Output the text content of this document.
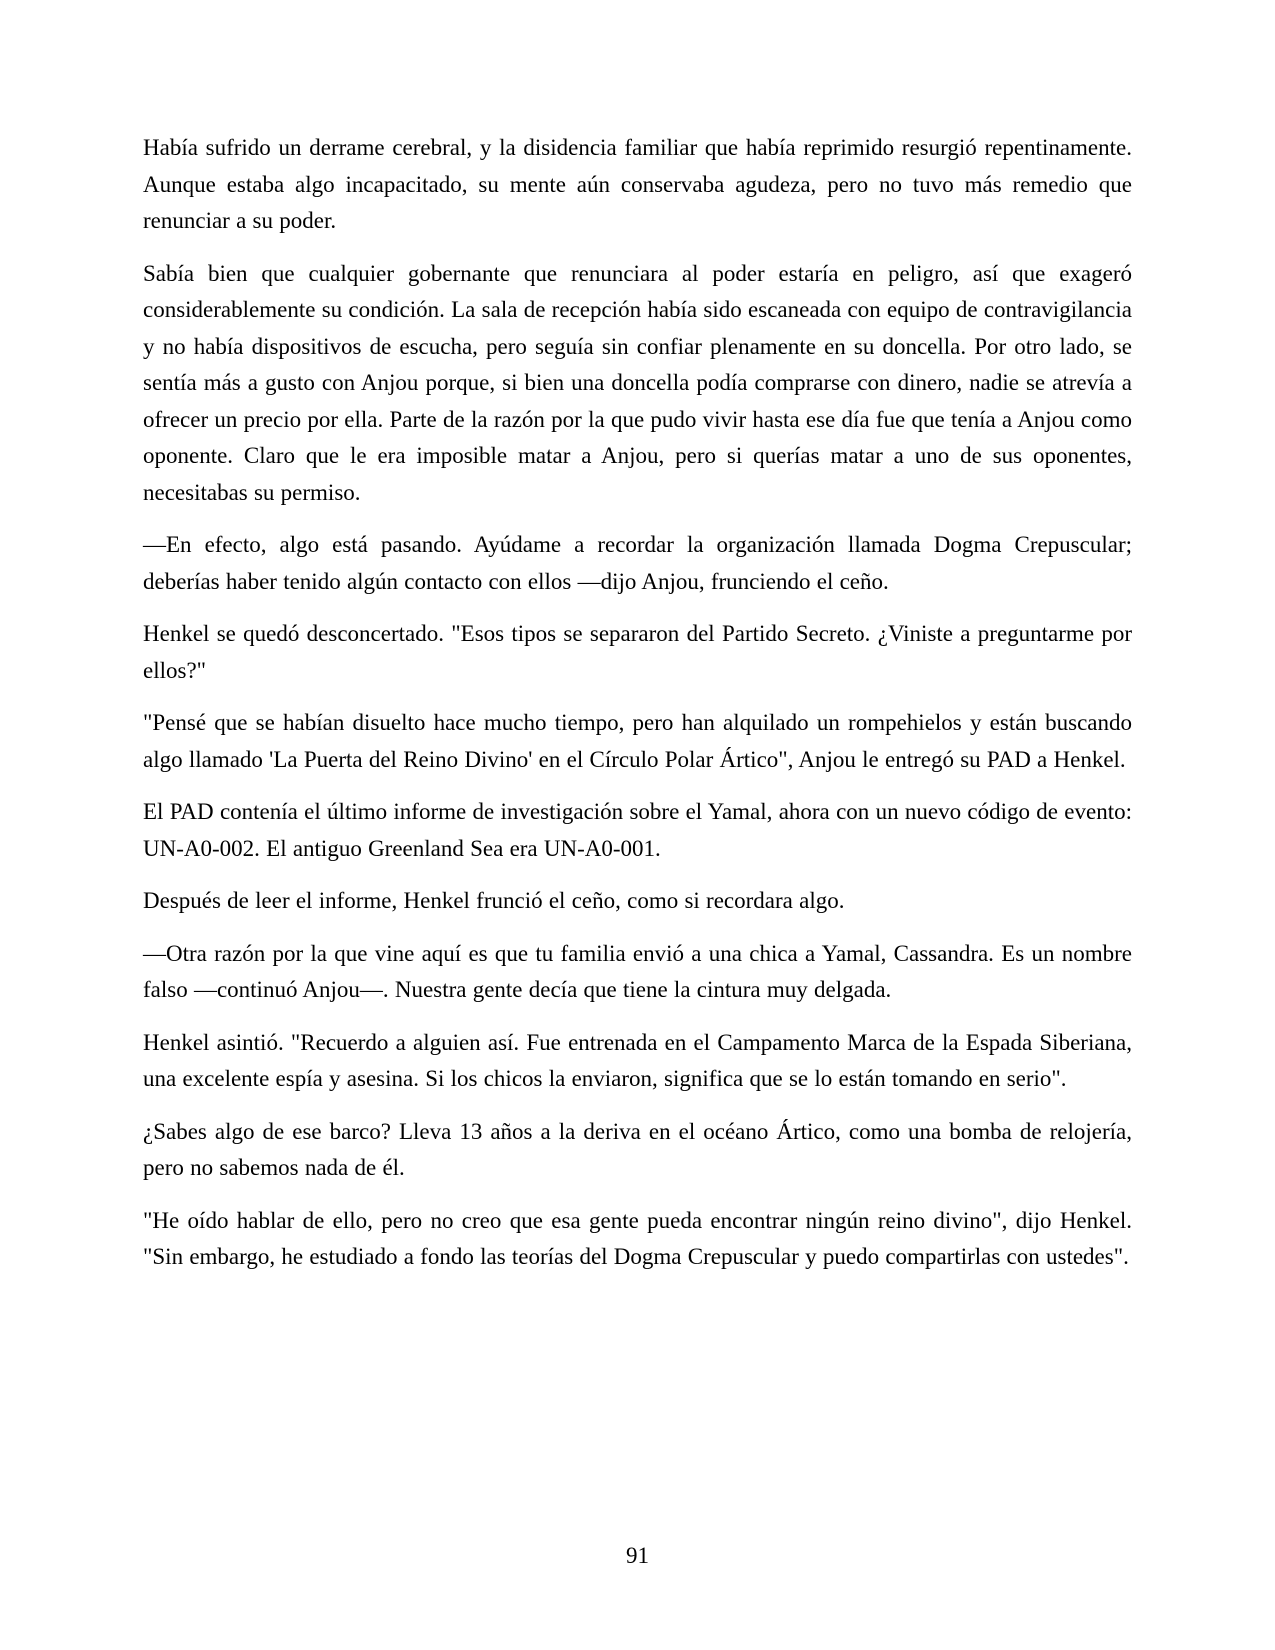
Había sufrido un derrame cerebral, y la disidencia familiar que había reprimido resurgió repentinamente. Aunque estaba algo incapacitado, su mente aún conservaba agudeza, pero no tuvo más remedio que renunciar a su poder.

Sabía bien que cualquier gobernante que renunciara al poder estaría en peligro, así que exageró considerablemente su condición. La sala de recepción había sido escaneada con equipo de contravigilancia y no había dispositivos de escucha, pero seguía sin confiar plenamente en su doncella. Por otro lado, se sentía más a gusto con Anjou porque, si bien una doncella podía comprarse con dinero, nadie se atrevía a ofrecer un precio por ella. Parte de la razón por la que pudo vivir hasta ese día fue que tenía a Anjou como oponente. Claro que le era imposible matar a Anjou, pero si querías matar a uno de sus oponentes, necesitabas su permiso.

—En efecto, algo está pasando. Ayúdame a recordar la organización llamada Dogma Crepuscular; deberías haber tenido algún contacto con ellos —dijo Anjou, frunciendo el ceño.

Henkel se quedó desconcertado. "Esos tipos se separaron del Partido Secreto. ¿Viniste a preguntarme por ellos?"

"Pensé que se habían disuelto hace mucho tiempo, pero han alquilado un rompehielos y están buscando algo llamado 'La Puerta del Reino Divino' en el Círculo Polar Ártico", Anjou le entregó su PAD a Henkel.

El PAD contenía el último informe de investigación sobre el Yamal, ahora con un nuevo código de evento: UN-A0-002. El antiguo Greenland Sea era UN-A0-001.

Después de leer el informe, Henkel frunció el ceño, como si recordara algo.

—Otra razón por la que vine aquí es que tu familia envió a una chica a Yamal, Cassandra. Es un nombre falso —continuó Anjou—. Nuestra gente decía que tiene la cintura muy delgada.

Henkel asintió. "Recuerdo a alguien así. Fue entrenada en el Campamento Marca de la Espada Siberiana, una excelente espía y asesina. Si los chicos la enviaron, significa que se lo están tomando en serio".

¿Sabes algo de ese barco? Lleva 13 años a la deriva en el océano Ártico, como una bomba de relojería, pero no sabemos nada de él.

"He oído hablar de ello, pero no creo que esa gente pueda encontrar ningún reino divino", dijo Henkel. "Sin embargo, he estudiado a fondo las teorías del Dogma Crepuscular y puedo compartirlas con ustedes".

91
